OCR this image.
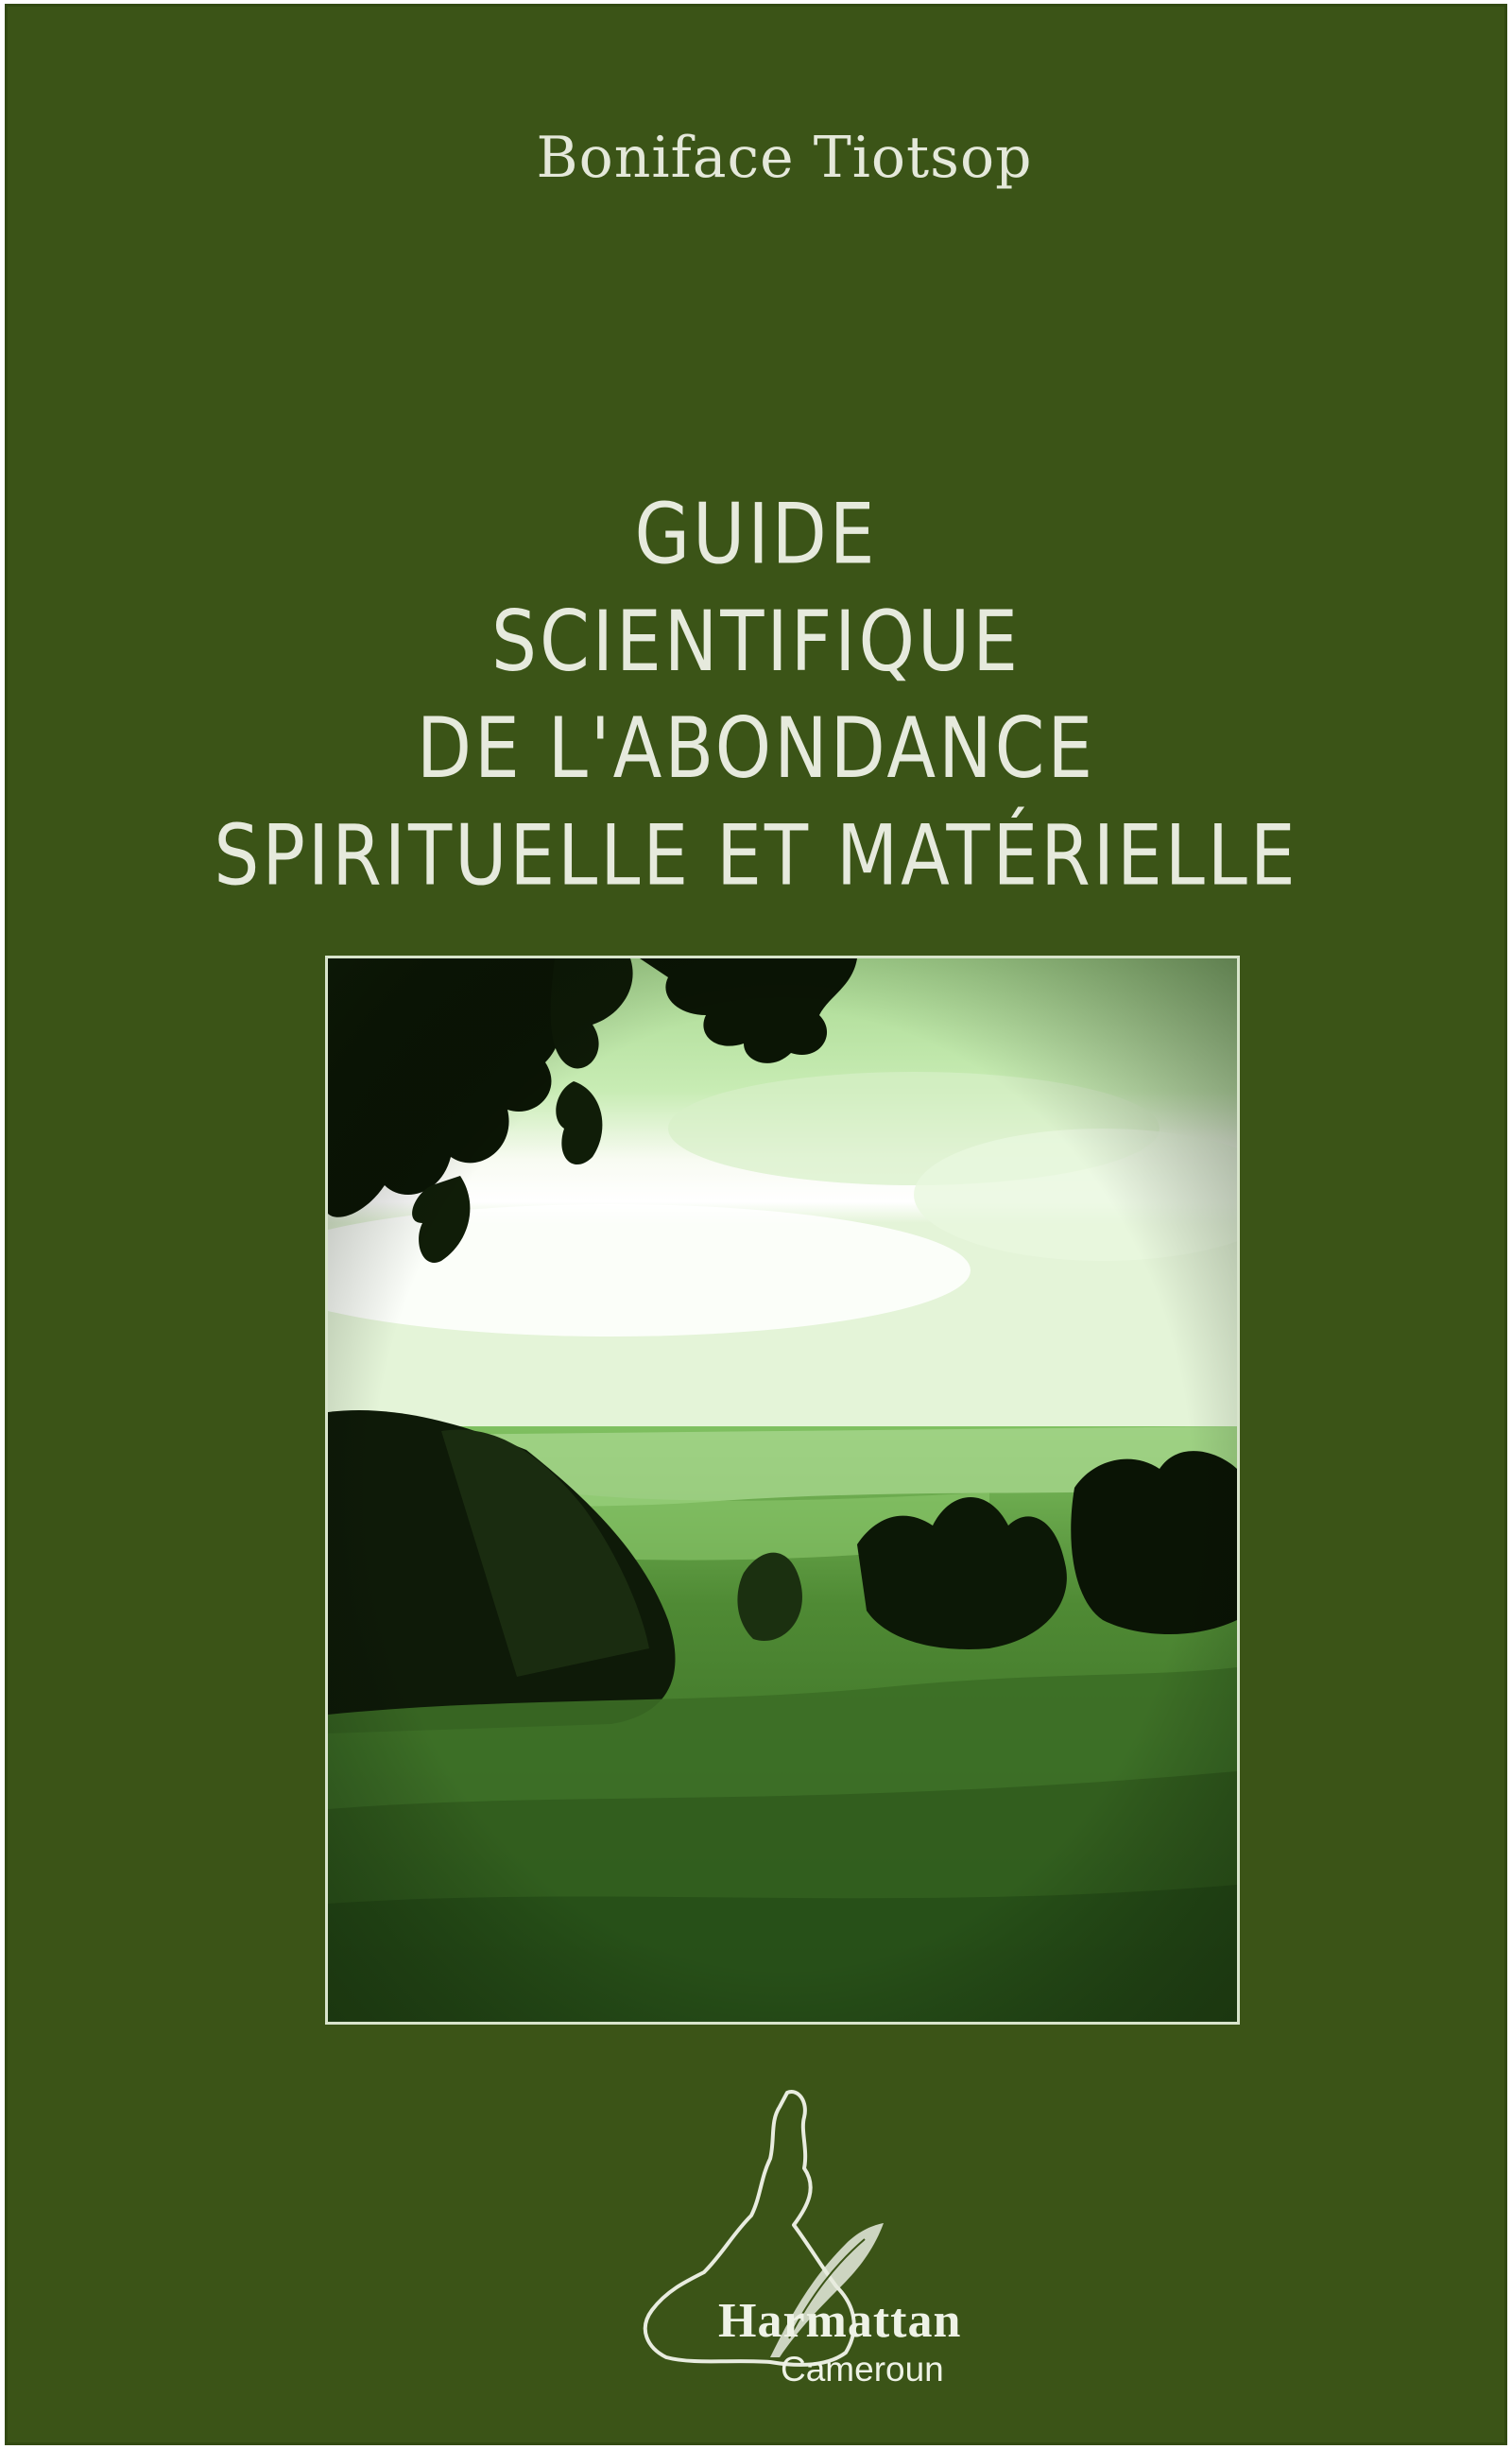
Boniface Tiotsop
GUIDE
SCIENTIFIQUE
DE L'ABONDANCE
SPIRITUELLE ET MATÉRIELLE
Harmattan
Cameroun
